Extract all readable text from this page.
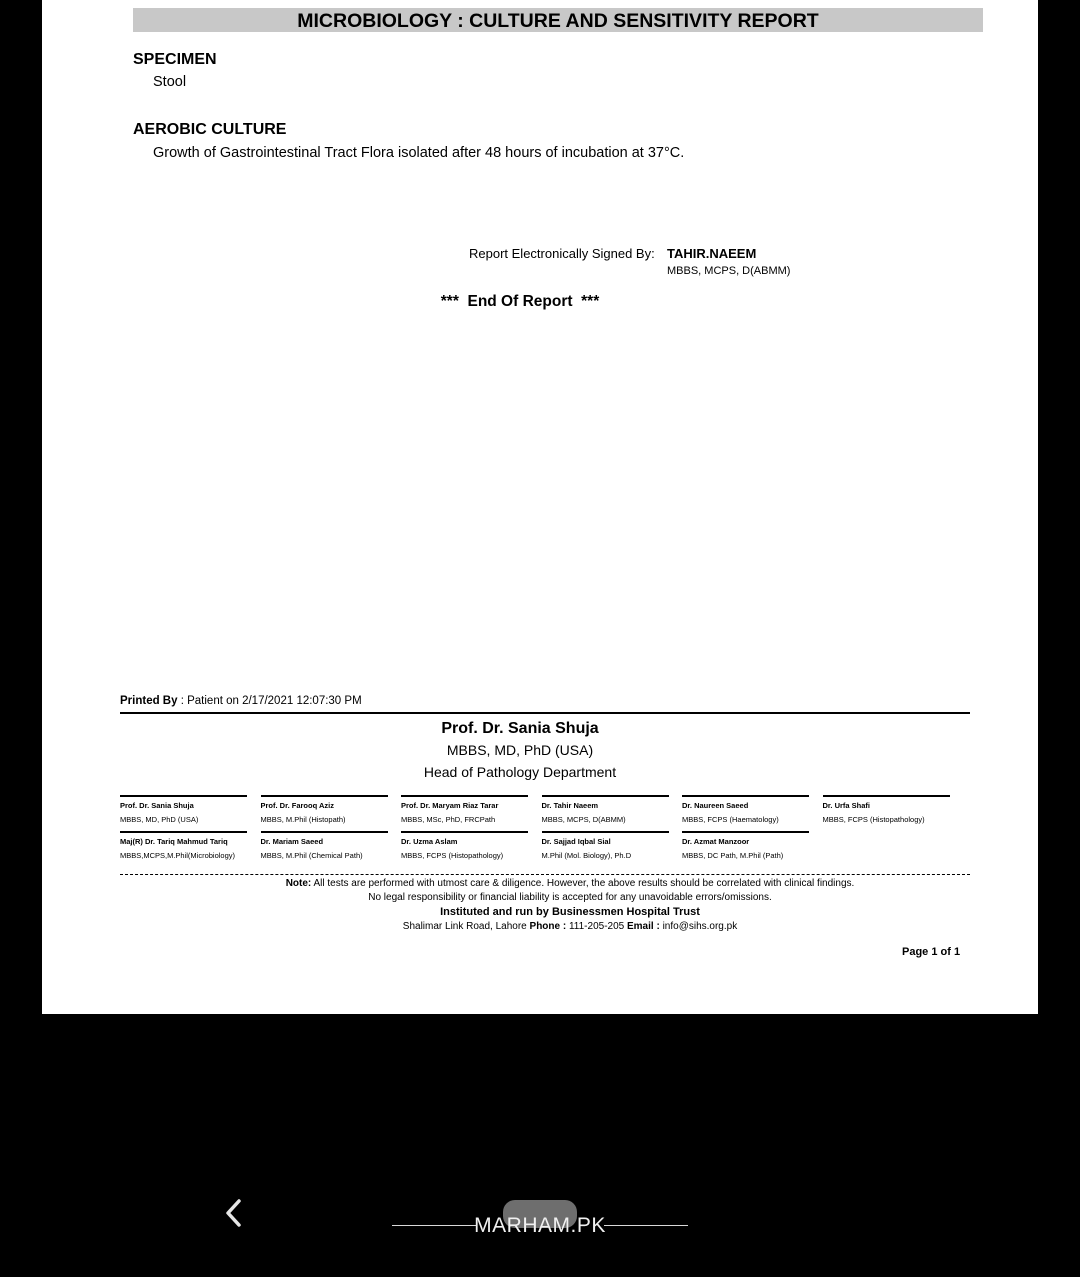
MICROBIOLOGY : CULTURE AND SENSITIVITY REPORT
SPECIMEN
Stool
AEROBIC CULTURE
Growth of Gastrointestinal Tract Flora isolated after 48 hours of incubation at 37°C.
Report Electronically Signed By: TAHIR.NAEEM
MBBS, MCPS, D(ABMM)
***  End Of Report  ***
Printed By : Patient on 2/17/2021 12:07:30 PM
Prof. Dr. Sania Shuja
MBBS, MD, PhD (USA)
Head of Pathology Department
Prof. Dr. Sania Shuja
MBBS, MD, PhD (USA)
Prof. Dr. Farooq Aziz
MBBS, M.Phil (Histopath)
Prof. Dr. Maryam Riaz Tarar
MBBS, MSc, PhD, FRCPath
Dr. Tahir Naeem
MBBS, MCPS, D(ABMM)
Dr. Naureen Saeed
MBBS, FCPS (Haematology)
Dr. Urfa Shafi
MBBS, FCPS (Histopathology)
Maj(R) Dr. Tariq Mahmud Tariq
MBBS,MCPS,M.Phil(Microbiology)
Dr. Mariam Saeed
MBBS, M.Phil (Chemical Path)
Dr. Uzma Aslam
MBBS, FCPS (Histopathology)
Dr. Sajjad Iqbal Sial
M.Phil (Mol. Biology), Ph.D
Dr. Azmat Manzoor
MBBS, DC Path, M.Phil (Path)
Note: All tests are performed with utmost care & diligence. However, the above results should be correlated with clinical findings.
No legal responsibility or financial liability is accepted for any unavoidable errors/omissions.
Instituted and run by Businessmen Hospital Trust
Shalimar Link Road, Lahore Phone : 111-205-205 Email : info@sihs.org.pk
Page 1 of 1
MARHAM.PK
